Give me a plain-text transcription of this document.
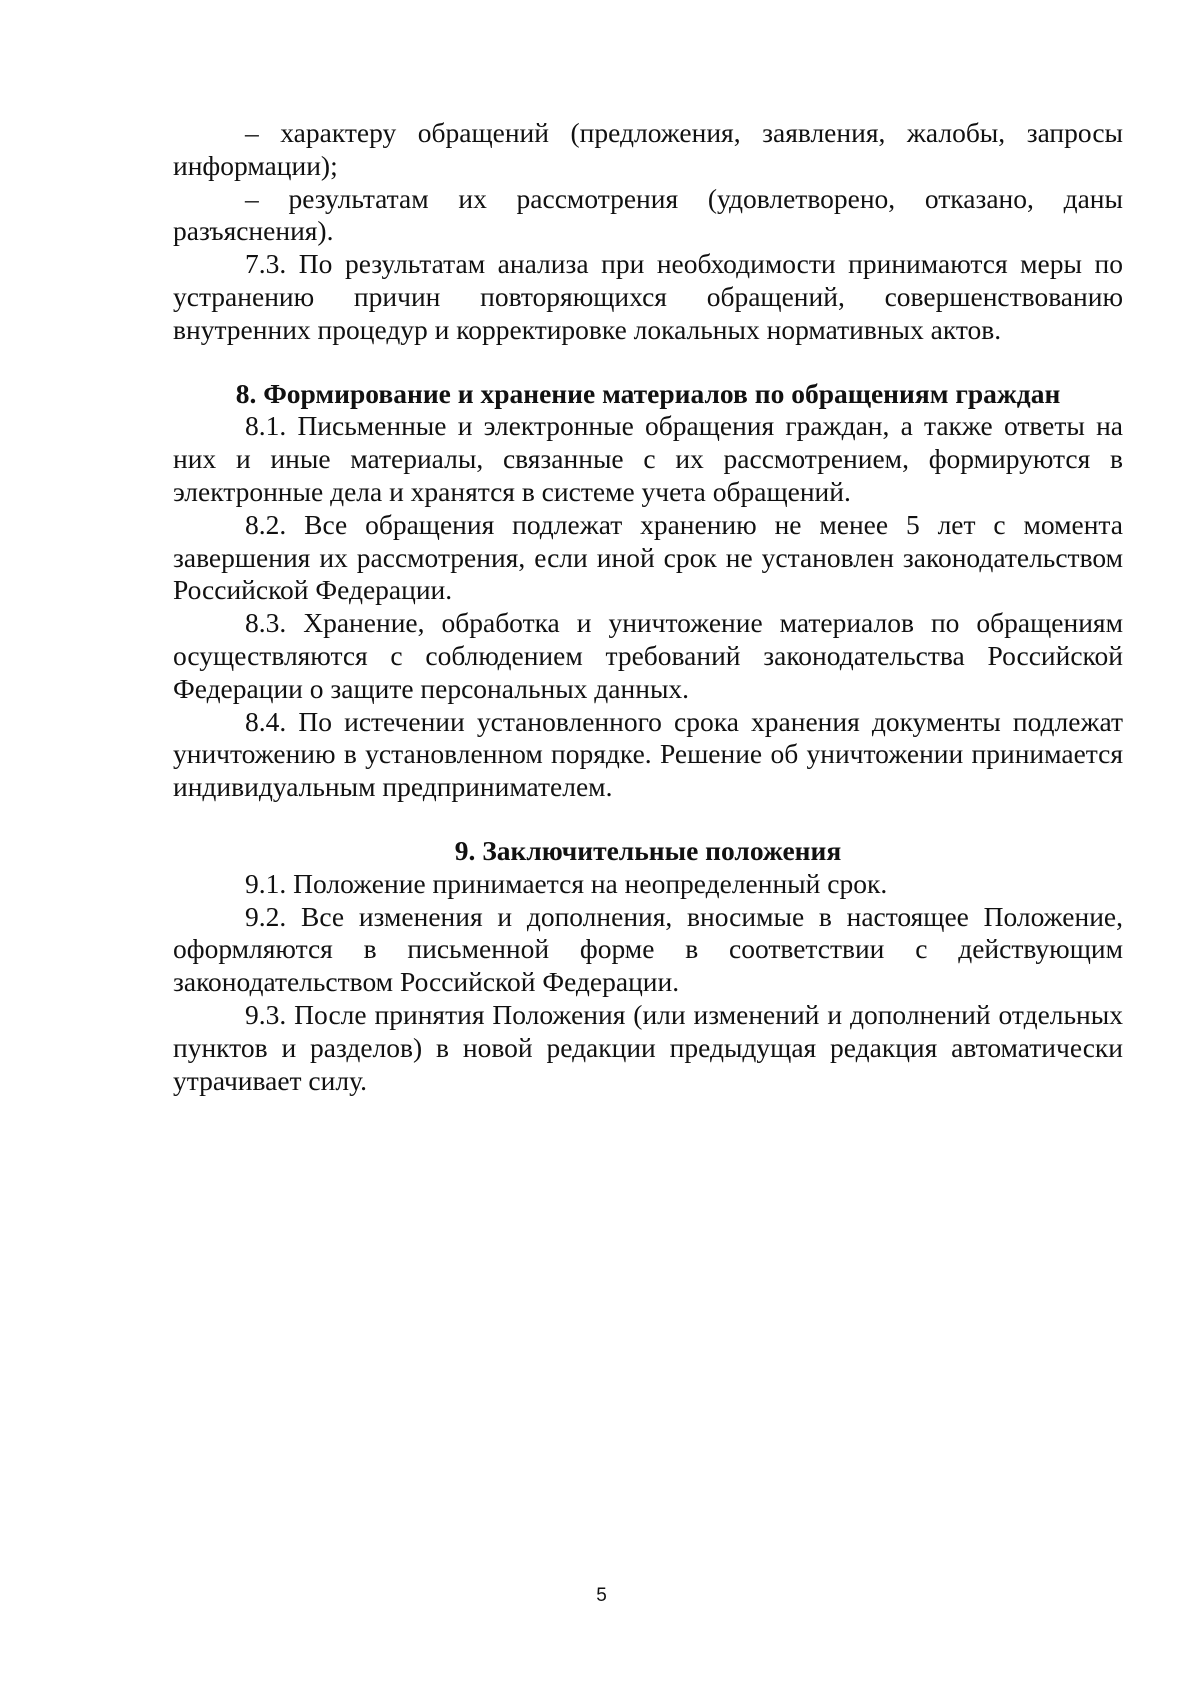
– характеру обращений (предложения, заявления, жалобы, запросы информации);

– результатам их рассмотрения (удовлетворено, отказано, даны разъяснения).

7.3. По результатам анализа при необходимости принимаются меры по устранению причин повторяющихся обращений, совершенствованию внутренних процедур и корректировке локальных нормативных актов.

8. Формирование и хранение материалов по обращениям граждан

8.1. Письменные и электронные обращения граждан, а также ответы на них и иные материалы, связанные с их рассмотрением, формируются в электронные дела и хранятся в системе учета обращений.

8.2. Все обращения подлежат хранению не менее 5 лет с момента завершения их рассмотрения, если иной срок не установлен законодательством Российской Федерации.

8.3. Хранение, обработка и уничтожение материалов по обращениям осуществляются с соблюдением требований законодательства Российской Федерации о защите персональных данных.

8.4. По истечении установленного срока хранения документы подлежат уничтожению в установленном порядке. Решение об уничтожении принимается индивидуальным предпринимателем.

9. Заключительные положения

9.1. Положение принимается на неопределенный срок.

9.2. Все изменения и дополнения, вносимые в настоящее Положение, оформляются в письменной форме в соответствии с действующим законодательством Российской Федерации.

9.3. После принятия Положения (или изменений и дополнений отдельных пунктов и разделов) в новой редакции предыдущая редакция автоматически утрачивает силу.

5
